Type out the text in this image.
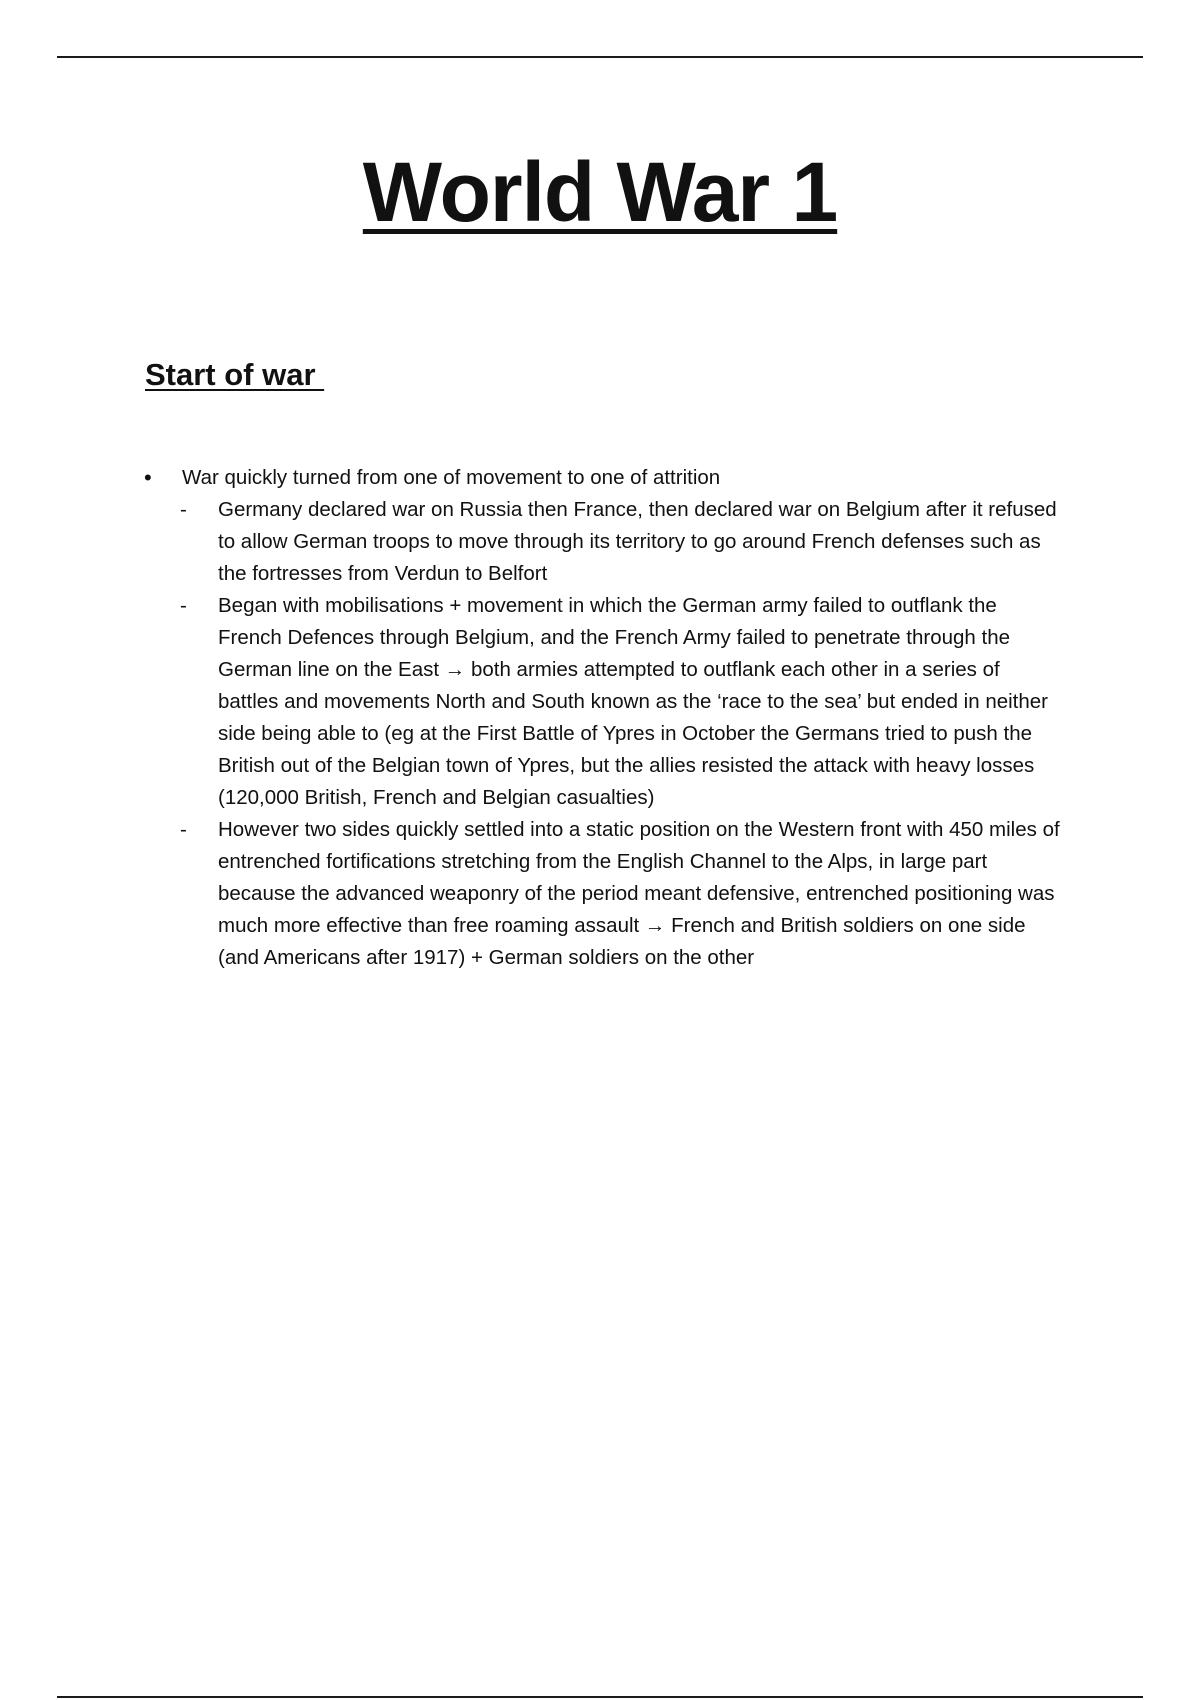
World War 1
Start of war
• War quickly turned from one of movement to one of attrition
- Germany declared war on Russia then France, then declared war on Belgium after it refused to allow German troops to move through its territory to go around French defenses such as the fortresses from Verdun to Belfort
- Began with mobilisations + movement in which the German army failed to outflank the French Defences through Belgium, and the French Army failed to penetrate through the German line on the East → both armies attempted to outflank each other in a series of battles and movements North and South known as the ‘race to the sea’ but ended in neither side being able to (eg at the First Battle of Ypres in October the Germans tried to push the British out of the Belgian town of Ypres, but the allies resisted the attack with heavy losses (120,000 British, French and Belgian casualties)
- However two sides quickly settled into a static position on the Western front with 450 miles of entrenched fortifications stretching from the English Channel to the Alps, in large part because the advanced weaponry of the period meant defensive, entrenched positioning was much more effective than free roaming assault → French and British soldiers on one side (and Americans after 1917) + German soldiers on the other
